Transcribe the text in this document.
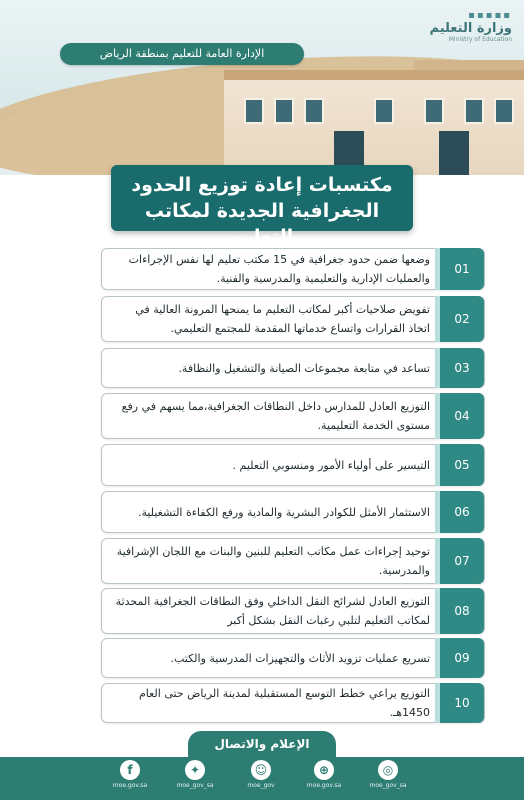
▪▪▪▪▪
وزارة التعليم
Ministry of Education
الإدارة العامة للتعليم بمنطقة الرياض
مكتسبات إعادة توزيع الحدود
الجغرافية الجديدة لمكاتب التعليم
وضعها ضمن حدود جغرافية في 15 مكتب تعليم لها نفس الإجراءات والعمليات الإدارية والتعليمية والمدرسية والفنية.
01
تفويض صلاحيات أكبر لمكاتب التعليم ما يمنحها المرونة العالية في اتخاذ القرارات واتساع خدماتها المقدمة للمجتمع التعليمي.
02
تساعد في متابعة مجموعات الصيانة والتشغيل والنظافة.	03
التوزيع العادل للمدارس داخل النطاقات الجغرافية،مما يسهم في رفع مستوى الخدمة التعليمية.
04
التيسير على أولياء الأمور ومنسوبي التعليم .	05
الاستثمار الأمثل للكوادر البشرية والمادية ورفع الكفاءة التشغيلية.	06
توحيد إجراءات عمل مكاتب التعليم للبنين والبنات مع اللجان الإشرافية والمدرسية.
07
التوزيع العادل لشرائح النقل الداخلي وفق النطاقات الجغرافية المحدثة لمكاتب التعليم لتلبي رغبات النقل بشكل أكبر
08
تسريع عمليات تزويد الأثاث والتجهيزات المدرسية والكتب.	09
التوزيع يراعي خطط التوسع المستقبلية لمدينة الرياض حتى العام 1450هـ.
10
الإعلام والاتصال
◎
moe_gov_sa
⊕
moe.gov.sa
☺
moe_gov
✦
moe_gov_sa
f
moe.gov.sa
